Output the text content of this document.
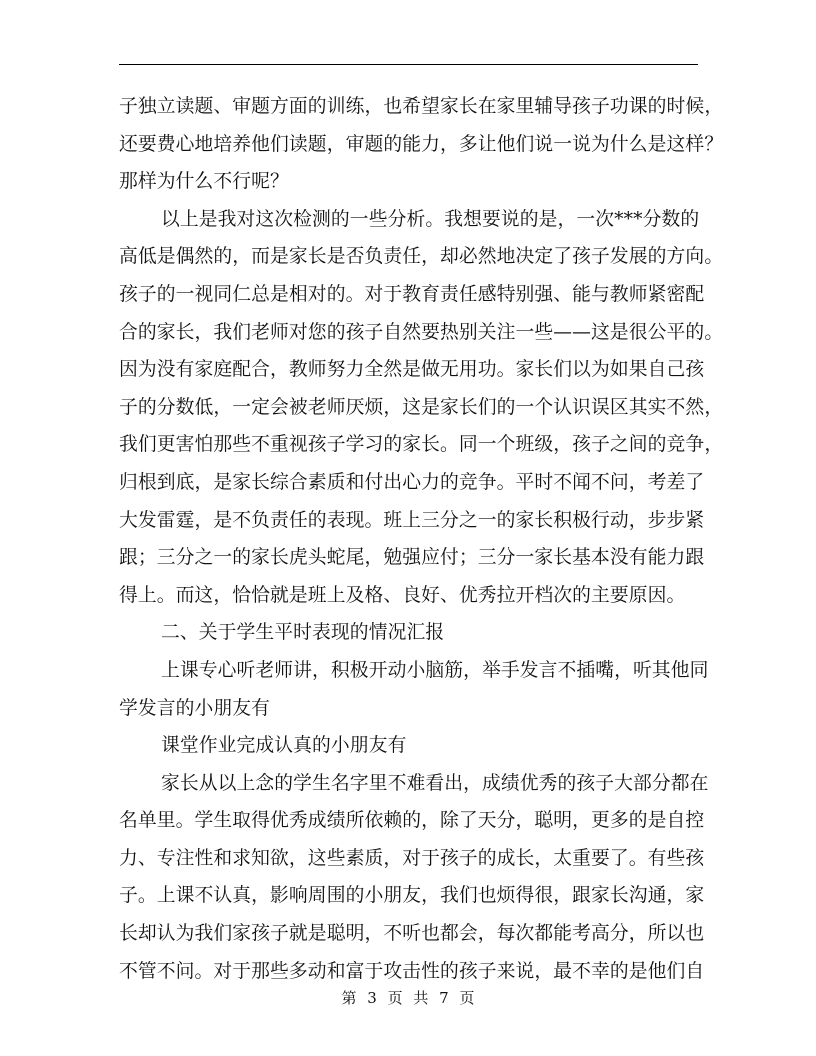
子独立读题、审题方面的训练，也希望家长在家里辅导孩子功课的时候，
还要费心地培养他们读题，审题的能力，多让他们说一说为什么是这样？
那样为什么不行呢？
以上是我对这次检测的一些分析。我想要说的是，一次***分数的
高低是偶然的，而是家长是否负责任，却必然地决定了孩子发展的方向。
孩子的一视同仁总是相对的。对于教育责任感特别强、能与教师紧密配
合的家长，我们老师对您的孩子自然要热别关注一些——这是很公平的。
因为没有家庭配合，教师努力全然是做无用功。家长们以为如果自己孩
子的分数低，一定会被老师厌烦，这是家长们的一个认识误区其实不然，
我们更害怕那些不重视孩子学习的家长。同一个班级，孩子之间的竞争，
归根到底，是家长综合素质和付出心力的竞争。平时不闻不问，考差了
大发雷霆，是不负责任的表现。班上三分之一的家长积极行动，步步紧
跟；三分之一的家长虎头蛇尾，勉强应付；三分一家长基本没有能力跟
得上。而这，恰恰就是班上及格、良好、优秀拉开档次的主要原因。
二、关于学生平时表现的情况汇报
上课专心听老师讲，积极开动小脑筋，举手发言不插嘴，听其他同
学发言的小朋友有
课堂作业完成认真的小朋友有
家长从以上念的学生名字里不难看出，成绩优秀的孩子大部分都在
名单里。学生取得优秀成绩所依赖的，除了天分，聪明，更多的是自控
力、专注性和求知欲，这些素质，对于孩子的成长，太重要了。有些孩
子。上课不认真，影响周围的小朋友，我们也烦得很，跟家长沟通，家
长却认为我们家孩子就是聪明，不听也都会，每次都能考高分，所以也
不管不问。对于那些多动和富于攻击性的孩子来说，最不幸的是他们自
第 3 页 共 7 页
